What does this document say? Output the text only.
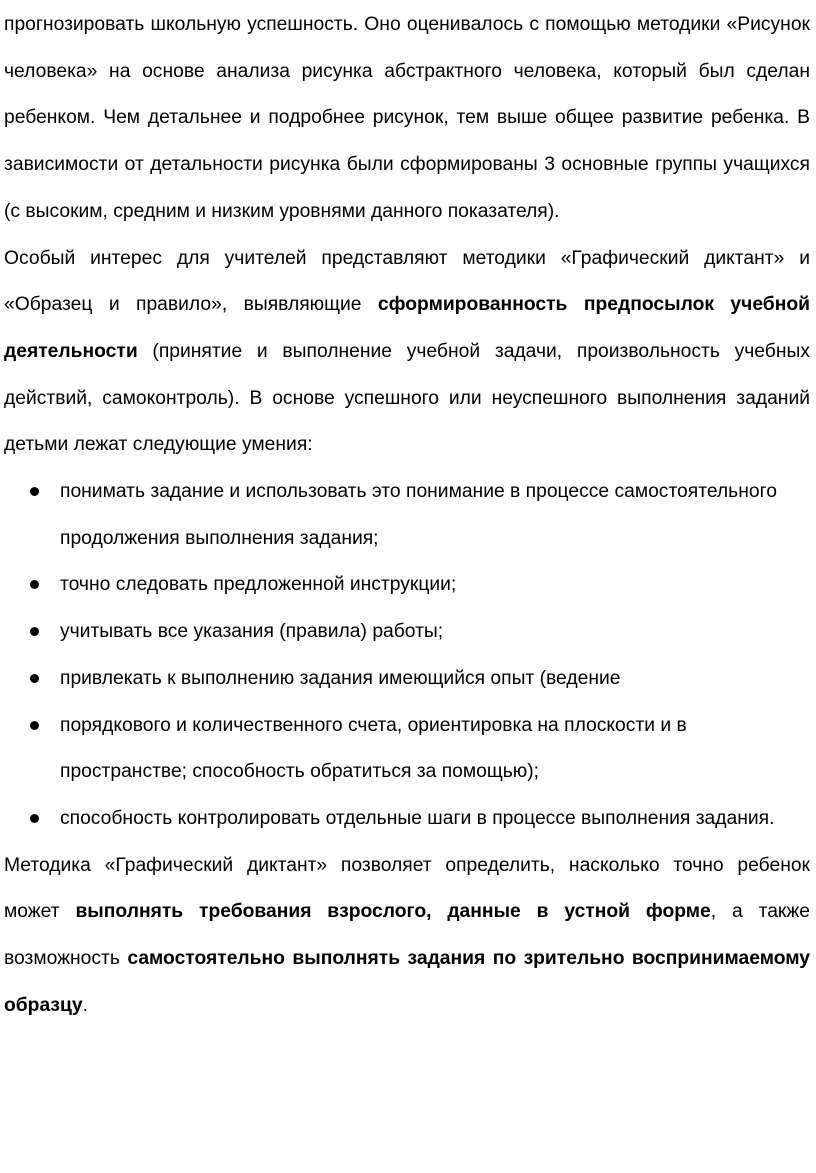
прогнозировать школьную успешность. Оно оценивалось с помощью методики «Рисунок человека» на основе анализа рисунка абстрактного человека, который был сделан ребенком. Чем детальнее и подробнее рисунок, тем выше общее развитие ребенка. В зависимости от детальности рисунка были сформированы 3 основные группы учащихся (с высоким, средним и низким уровнями данного показателя).

Особый интерес для учителей представляют методики «Графический диктант» и «Образец и правило», выявляющие сформированность предпосылок учебной деятельности (принятие и выполнение учебной задачи, произвольность учебных действий, самоконтроль). В основе успешного или неуспешного выполнения заданий детьми лежат следующие умения:

понимать задание и использовать это понимание в процессе самостоятельного продолжения выполнения задания;
точно следовать предложенной инструкции;
учитывать все указания (правила) работы;
привлекать к выполнению задания имеющийся опыт (ведение
порядкового и количественного счета, ориентировка на плоскости и в пространстве; способность обратиться за помощью);
способность контролировать отдельные шаги в процессе выполнения задания.

Методика «Графический диктант» позволяет определить, насколько точно ребенок может выполнять требования взрослого, данные в устной форме, а также возможность самостоятельно выполнять задания по зрительно воспринимаемому образцу.
